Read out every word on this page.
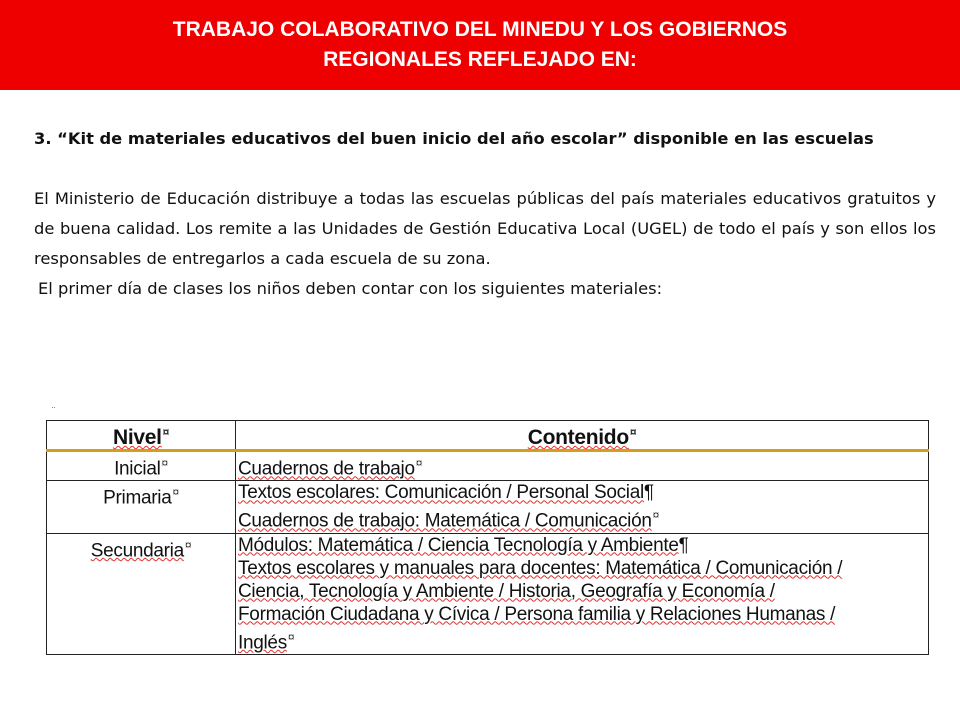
TRABAJO COLABORATIVO DEL MINEDU Y LOS GOBIERNOS
REGIONALES REFLEJADO EN:

3. “Kit de materiales educativos del buen inicio del año escolar” disponible en las escuelas

El Ministerio de Educación distribuye a todas las escuelas públicas del país materiales educativos gratuitos y de buena calidad. Los remite a las Unidades de Gestión Educativa Local (UGEL) de todo el país y son ellos los responsables de entregarlos a cada escuela de su zona.

El primer día de clases los niños deben contar con los siguientes materiales:

¨
Nivel¤	Contenido¤
Inicial¤	Cuadernos de trabajo¤
Primaria¤	Textos escolares: Comunicación / Personal Social¶
Cuadernos de trabajo: Matemática / Comunicación¤

Secundaria¤	Módulos: Matemática / Ciencia Tecnología y Ambiente¶
Textos escolares y manuales para docentes: Matemática / Comunicación /
Ciencia, Tecnología y Ambiente / Historia, Geografía y Economía /
Formación Ciudadana y Cívica / Persona familia y Relaciones Humanas /
Inglés¤
